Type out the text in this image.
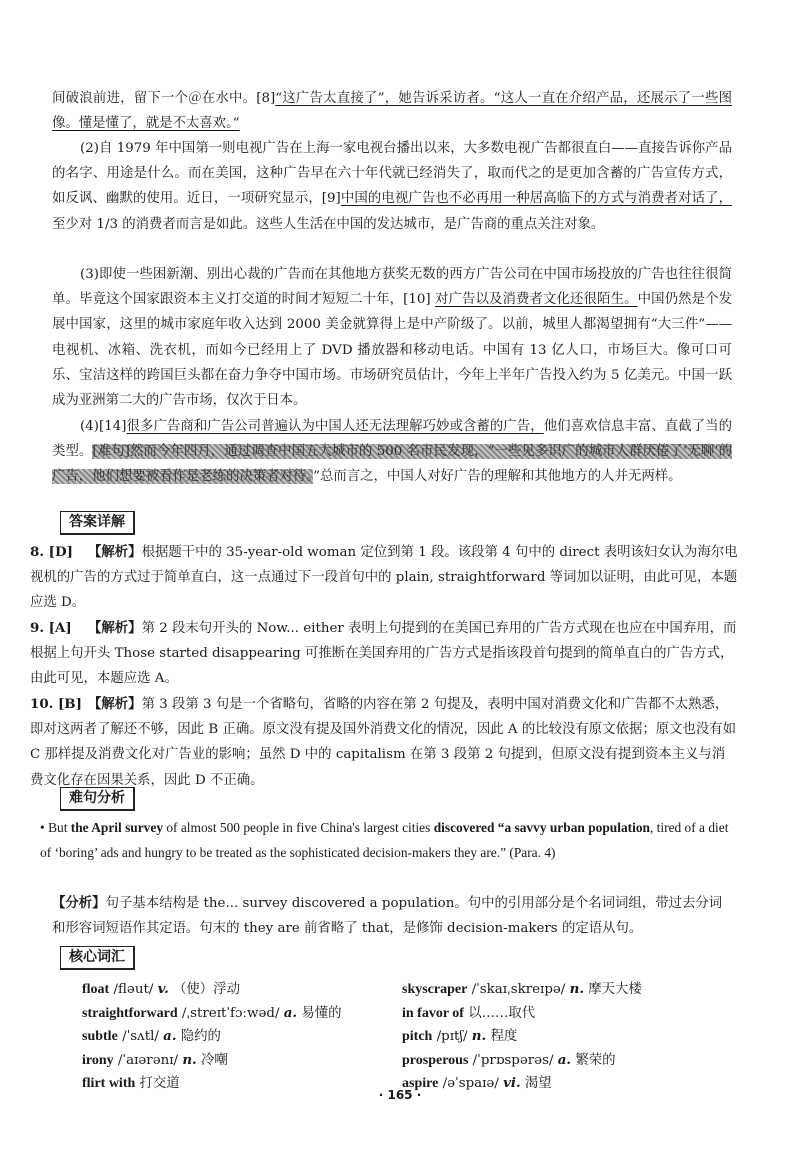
间破浪前进，留下一个＠在水中。[8]“这广告太直接了”，她告诉采访者。“这人一直在介绍产品，还展示了一些图像。懂是懂了，就是不太喜欢。”

(2)自 1979 年中国第一则电视广告在上海一家电视台播出以来，大多数电视广告都很直白——直接告诉你产品的名字、用途是什么。而在美国，这种广告早在六十年代就已经消失了，取而代之的是更加含蓄的广告宣传方式，如反讽、幽默的使用。近日，一项研究显示，[9]中国的电视广告也不必再用一种居高临下的方式与消费者对话了，至少对 1/3 的消费者而言是如此。这些人生活在中国的发达城市，是广告商的重点关注对象。

(3)即使一些困新潮、别出心裁的广告而在其他地方获奖无数的西方广告公司在中国市场投放的广告也往往很简单。毕竟这个国家跟资本主义打交道的时间才短短二十年，[10] 对广告以及消费者文化还很陌生。中国仍然是个发展中国家，这里的城市家庭年收入达到 2000 美金就算得上是中产阶级了。以前，城里人都渴望拥有“大三件”——电视机、冰箱、洗衣机，而如今已经用上了 DVD 播放器和移动电话。中国有 13 亿人口，市场巨大。像可口可乐、宝洁这样的跨国巨头都在奋力争夺中国市场。市场研究员估计，今年上半年广告投入约为 5 亿美元。中国一跃成为亚洲第二大的广告市场，仅次于日本。

(4)[14]很多广告商和广告公司普遍认为中国人还无法理解巧妙或含蓄的广告，他们喜欢信息丰富、直截了当的类型。[难句]然而今年四月，通过调查中国五大城市的 500 名市民发现，“一些见多识广的城市人群厌倦了‘无聊’的广告，他们想要被看作是老练的决策者对待。”总而言之，中国人对好广告的理解和其他地方的人并无两样。

答案详解
8. [D] 【解析】根据题干中的 35-year-old woman 定位到第 1 段。该段第 4 句中的 direct 表明该妇女认为海尔电视机的广告的方式过于简单直白，这一点通过下一段首句中的 plain, straightforward 等词加以证明，由此可见，本题应选 D。
9. [A] 【解析】第 2 段末句开头的 Now... either 表明上句提到的在美国已弃用的广告方式现在也应在中国弃用，而根据上句开头 Those started disappearing 可推断在美国弃用的广告方式是指该段首句提到的简单直白的广告方式，由此可见，本题应选 A。
10. [B] 【解析】第 3 段第 3 句是一个省略句，省略的内容在第 2 句提及，表明中国对消费文化和广告都不太熟悉，即对这两者了解还不够，因此 B 正确。原文没有提及国外消费文化的情况，因此 A 的比较没有原文依据；原文也没有如 C 那样提及消费文化对广告业的影响；虽然 D 中的 capitalism 在第 3 段第 2 句提到，但原文没有提到资本主义与消费文化存在因果关系，因此 D 不正确。
难句分析

• But the April survey of almost 500 people in five China's largest cities discovered “a savvy urban population, tired of a diet of ‘boring’ ads and hungry to be treated as the sophisticated decision-makers they are.” (Para. 4)

【分析】句子基本结构是 the... survey discovered a population。句中的引用部分是个名词词组，带过去分词和形容词短语作其定语。句末的 they are 前省略了 that，是修饰 decision-makers 的定语从句。

核心词汇
float /fləut/ v. （使）浮动	skyscraper /ˈskaɪˌskreɪpə/ n. 摩天大楼
straightforward /ˌstreɪtˈfɔːwəd/ a. 易懂的	in favor of 以……取代
subtle /ˈsʌtl/ a. 隐约的	pitch /pɪtʃ/ n. 程度
irony /ˈaɪərənɪ/ n. 冷嘲	prosperous /ˈprɒspərəs/ a. 繁荣的
flirt with 打交道	aspire /əˈspaɪə/ vi. 渴望
· 165 ·
